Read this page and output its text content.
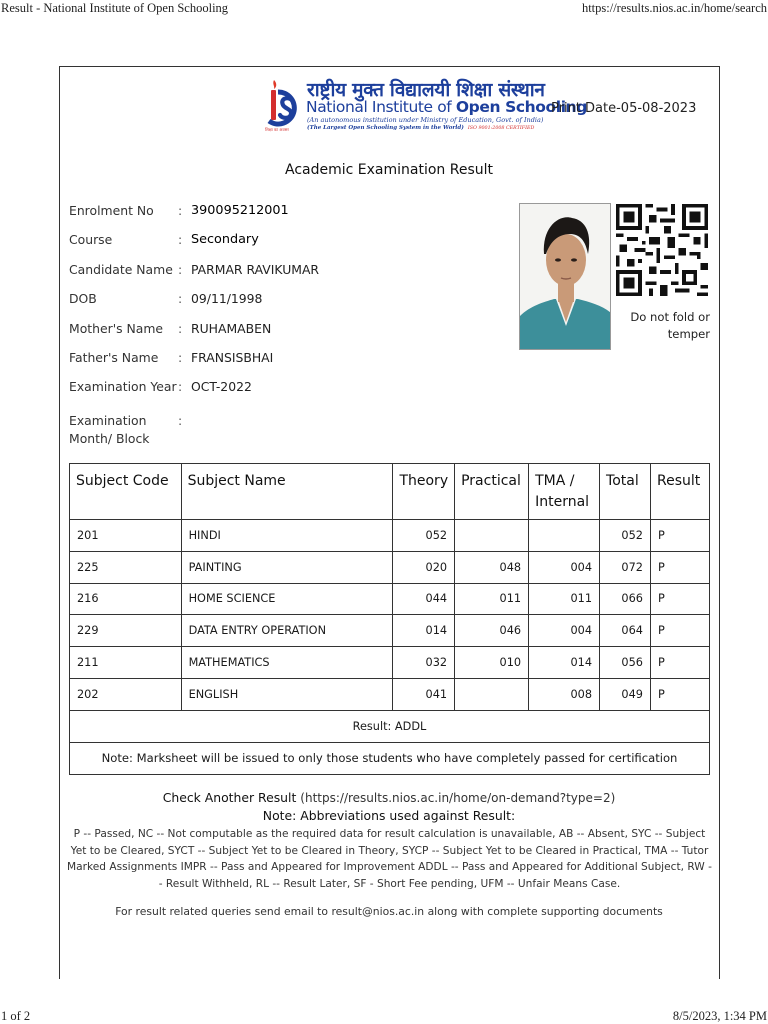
Result - National Institute of Open Schooling	https://results.nios.ac.in/home/search
शिक्षा का अवसर
राष्ट्रीय मुक्त विद्यालयी शिक्षा संस्थान
National Institute of Open Schooling
(An autonomous institution under Ministry of Education, Govt. of India)
(The Largest Open Schooling System in the World) ISO 9001:2008 CERTIFIED
Print Date-05-08-2023
Academic Examination Result
Enrolment No : 390095212001
Course	: Secondary
Candidate Name : PARMAR RAVIKUMAR
DOB	: 09/11/1998
Mother's Name : RUHAMABEN
Father's Name : FRANSISBHAI
Examination Year : OCT-2022
Examination Month/ Block
:
Do not fold or temper
Subject Code	Subject Name	Theory	Practical	TMA / Internal	Total	Result
201	HINDI	052			052	P
225	PAINTING	020	048	004	072	P
216	HOME SCIENCE	044	011	011	066	P
229	DATA ENTRY OPERATION	014	046	004	064	P
211	MATHEMATICS	032	010	014	056	P
202	ENGLISH	041		008	049	P
Result: ADDL						
Note: Marksheet will be issued to only those students who have completely passed for certification						
Check Another Result (https://results.nios.ac.in/home/on-demand?type=2)
Note: Abbreviations used against Result:
P -- Passed, NC -- Not computable as the required data for result calculation is unavailable, AB -- Absent, SYC -- Subject Yet to be Cleared, SYCT -- Subject Yet to be Cleared in Theory, SYCP -- Subject Yet to be Cleared in Practical, TMA -- Tutor Marked Assignments IMPR -- Pass and Appeared for Improvement ADDL -- Pass and Appeared for Additional Subject, RW -- Result Withheld, RL -- Result Later, SF - Short Fee pending, UFM -- Unfair Means Case.
For result related queries send email to result@nios.ac.in along with complete supporting documents
1 of 2	8/5/2023, 1:34 PM
